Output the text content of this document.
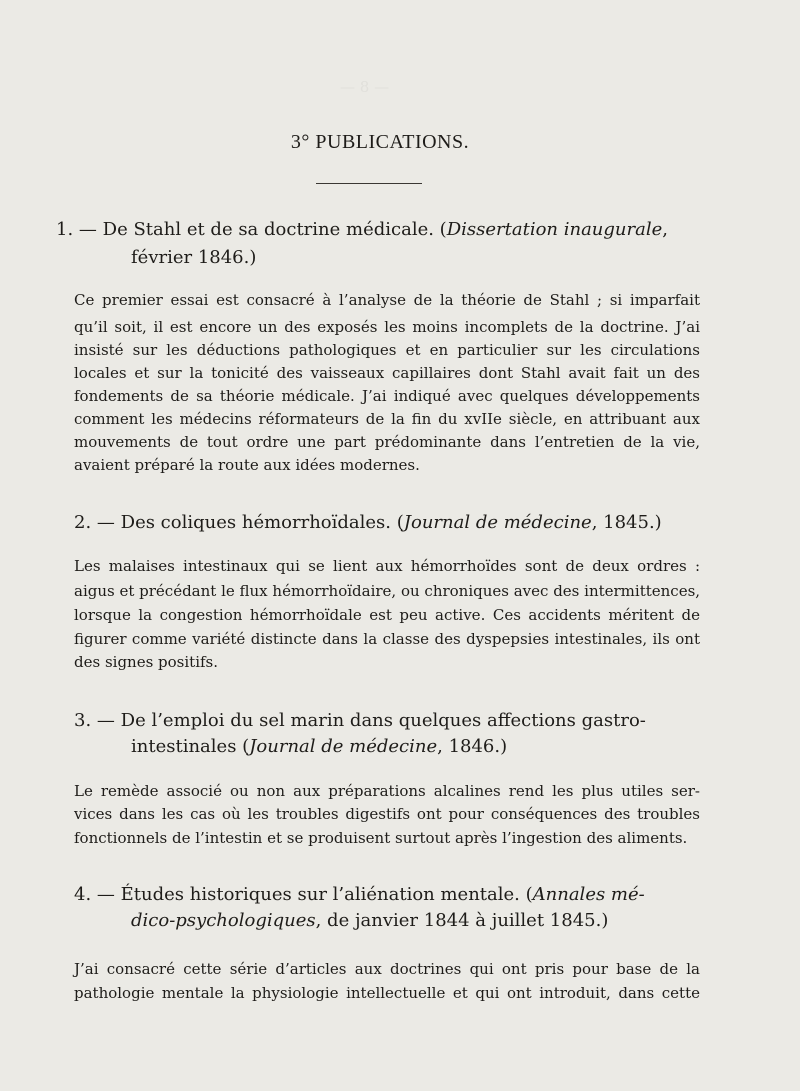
— 8 —
3° PUBLICATIONS.
1. — De Stahl et de sa doctrine médicale. (Dissertation inaugurale,
février 1846.)
Ce premier essai est consacré à l’analyse de la théorie de Stahl ; si imparfait
qu’il soit, il est encore un des exposés les moins incomplets de la doctrine. J’ai
insisté sur les déductions pathologiques et en particulier sur les circulations
locales et sur la tonicité des vaisseaux capillaires dont Stahl avait fait un des
fondements de sa théorie médicale. J’ai indiqué avec quelques développements
comment les médecins réformateurs de la fin du xvIIe siècle, en attribuant aux
mouvements de tout ordre une part prédominante dans l’entretien de la vie,
avaient préparé la route aux idées modernes.
2. — Des coliques hémorrhoïdales. (Journal de médecine, 1845.)
Les malaises intestinaux qui se lient aux hémorrhoïdes sont de deux ordres :
aigus et précédant le flux hémorrhoïdaire, ou chroniques avec des intermittences,
lorsque la congestion hémorrhoïdale est peu active. Ces accidents méritent de
figurer comme variété distincte dans la classe des dyspepsies intestinales, ils ont
des signes positifs.
3. — De l’emploi du sel marin dans quelques affections gastro-
intestinales (Journal de médecine, 1846.)
Le remède associé ou non aux préparations alcalines rend les plus utiles ser-
vices dans les cas où les troubles digestifs ont pour conséquences des troubles
fonctionnels de l’intestin et se produisent surtout après l’ingestion des aliments.
4. — Études historiques sur l’aliénation mentale. (Annales mé-
dico-psychologiques, de janvier 1844 à juillet 1845.)
J’ai consacré cette série d’articles aux doctrines qui ont pris pour base de la
pathologie mentale la physiologie intellectuelle et qui ont introduit, dans cette
